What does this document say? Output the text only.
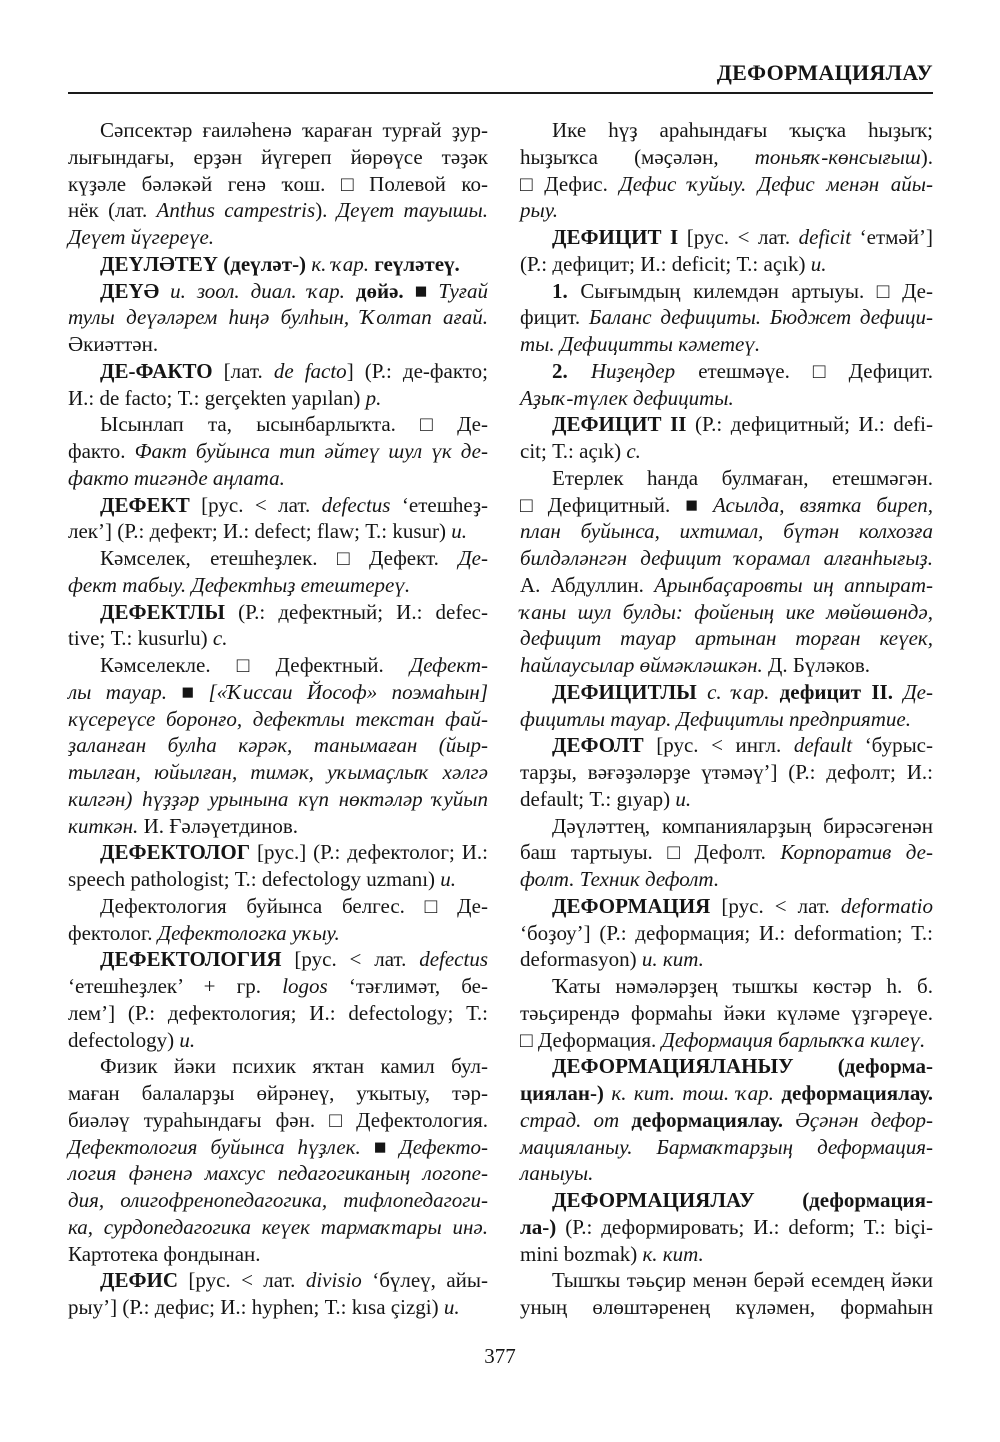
ДЕФОРМАЦИЯЛАУ
Сәпсектәр ғаиләһенә ҡараған турғай ҙур-
лығындағы, ерҙән йүгереп йөрөүсе тәҙәк
күҙәле бәләкәй генә ҡош. □ Полевой ко-
нёк (лат. Anthus campestris). Деүет тауышы.
Деүет йүгереүе.
ДЕҮЛӘТЕҮ (деүләт-) к. ҡар. геүләтеү.
ДЕҮӘ и. зоол. диал. ҡар. дөйә. ■ Туғай
тулы деүәләрем һиңә булһын, Ҡолтап ағай.
Әкиәттән.
ДЕ-ФАКТО [лат. de facto] (Р.: де-факто;
И.: de facto; Т.: gerçekten yapılan) р.
Ысынлап та, ысынбарлыҡта. □ Де-
факто. Факт буйынса тип әйтеү шул үк де-
факто тигәнде аңлата.
ДЕФЕКТ [рус. < лат. defectus ‘етешһеҙ-
лек’] (Р.: дефект; И.: defect; flaw; Т.: kusur) и.
Кәмселек, етешһеҙлек. □ Дефект. Де-
фект табыу. Дефектһыҙ етештереү.
ДЕФЕКТЛЫ (Р.: дефектный; И.: defec-
tive; Т.: kusurlu) с.
Кәмселекле. □ Дефектный. Дефект-
лы тауар. ■ [«Ҡиссаи Йософ» поэмаһын]
күсереүсе боронғо, дефектлы текстан фай-
ҙаланған булһа кәрәк, танымаған (йыр-
тылған, юйылған, тимәк, уҡымаҫлыҡ хәлгә
килгән) һүҙҙәр урынына күп нөктәләр ҡуйып
киткән. И. Ғәләүетдинов.
ДЕФЕКТОЛОГ [рус.] (Р.: дефектолог; И.:
speech pathologist; Т.: defectology uzmanı) и.
Дефектология буйынса белгес. □ Де-
фектолог. Дефектологка уҡыу.
ДЕФЕКТОЛОГИЯ [рус. < лат. defectus
‘етешһеҙлек’ + гр. logos ‘тәғлимәт, бе-
лем’] (Р.: дефектология; И.: defectology; Т.:
defectology) и.
Физик йәки психик яҡтан камил бул-
маған балаларҙы өйрәнеү, уҡытыу, тәр-
биәләү тураһындағы фән. □ Дефектология.
Дефектология буйынса һүҙлек. ■ Дефекто-
логия фәненә махсус педагогиканың логопе-
дия, олигофренопедагогика, тифлопедагоги-
ка, сурдопедагогика кеүек тармаҡтары инә.
Картотека фондынан.
ДЕФИС [рус. < лат. divisio ‘бүлеү, айы-
рыу’] (Р.: дефис; И.: hyphen; Т.: kısa çizgi) и.
Ике һүҙ араһындағы ҡыҫҡа һыҙыҡ;
һыҙыҡса (мәҫәлән, тоньяҡ-көнсығыш).
□ Дефис. Дефис ҡуйыу. Дефис менән айы-
рыу.
ДЕФИЦИТ I [рус. < лат. deficit ‘етмәй’]
(Р.: дефицит; И.: deficit; Т.: açık) и.
1. Сығымдың килемдән артыуы. □ Де-
фицит. Баланс дефициты. Бюджет дефици-
ты. Дефицитты кәметеү.
2. Ниҙеңдер етешмәүе. □ Дефицит.
Аҙыҡ-түлек дефициты.
ДЕФИЦИТ II (Р.: дефицитный; И.: defi-
cit; Т.: açık) с.
Етерлек һанда булмаған, етешмәгән.
□ Дефицитный. ■ Асылда, взятка биреп,
план буйынса, ихтимал, бүтән колхозға
билдәләнгән дефицит ҡорамал алғанһығыҙ.
А. Абдуллин. Арынбаҫаровты иң аппырат-
ҡаны шул булды: фойеның ике мөйөшөндә,
дефицит тауар артынан торған кеүек,
һайлаусылар өймәкләшкән. Д. Бүләков.
ДЕФИЦИТЛЫ с. ҡар. дефицит II. Де-
фицитлы тауар. Дефицитлы предприятие.
ДЕФОЛТ [рус. < ингл. default ‘бурыс-
тарҙы, вәғәҙәләрҙе үтәмәү’] (Р.: дефолт; И.:
default; Т.: gıyap) и.
Дәүләттең, компанияларҙың бирәсәгенән
баш тартыуы. □ Дефолт. Корпоратив де-
фолт. Техник дефолт.
ДЕФОРМАЦИЯ [рус. < лат. deformatio
‘боҙоу’] (Р.: деформация; И.: deformation; Т.:
deformasyon) и. кит.
Ҡаты нәмәләрҙең тышҡы көстәр һ. б.
тәьҫирендә формаһы йәки күләме үҙгәреүе.
□ Деформация. Деформация барлыҡҡа килеү.
ДЕФОРМАЦИЯЛАНЫУ (деформа-
циялан-) к. кит. тош. ҡар. деформациялау.
страд. от деформациялау. Әҫәнән дефор-
мацияланыу. Бармаҡтарҙың деформация-
ланыуы.
ДЕФОРМАЦИЯЛАУ (деформация-
ла-) (Р.: деформировать; И.: deform; Т.: biçi-
mini bozmak) к. кит.
Тышҡы тәьҫир менән берәй есемдең йәки
уның өлөштәренең күләмен, формаһын
377
